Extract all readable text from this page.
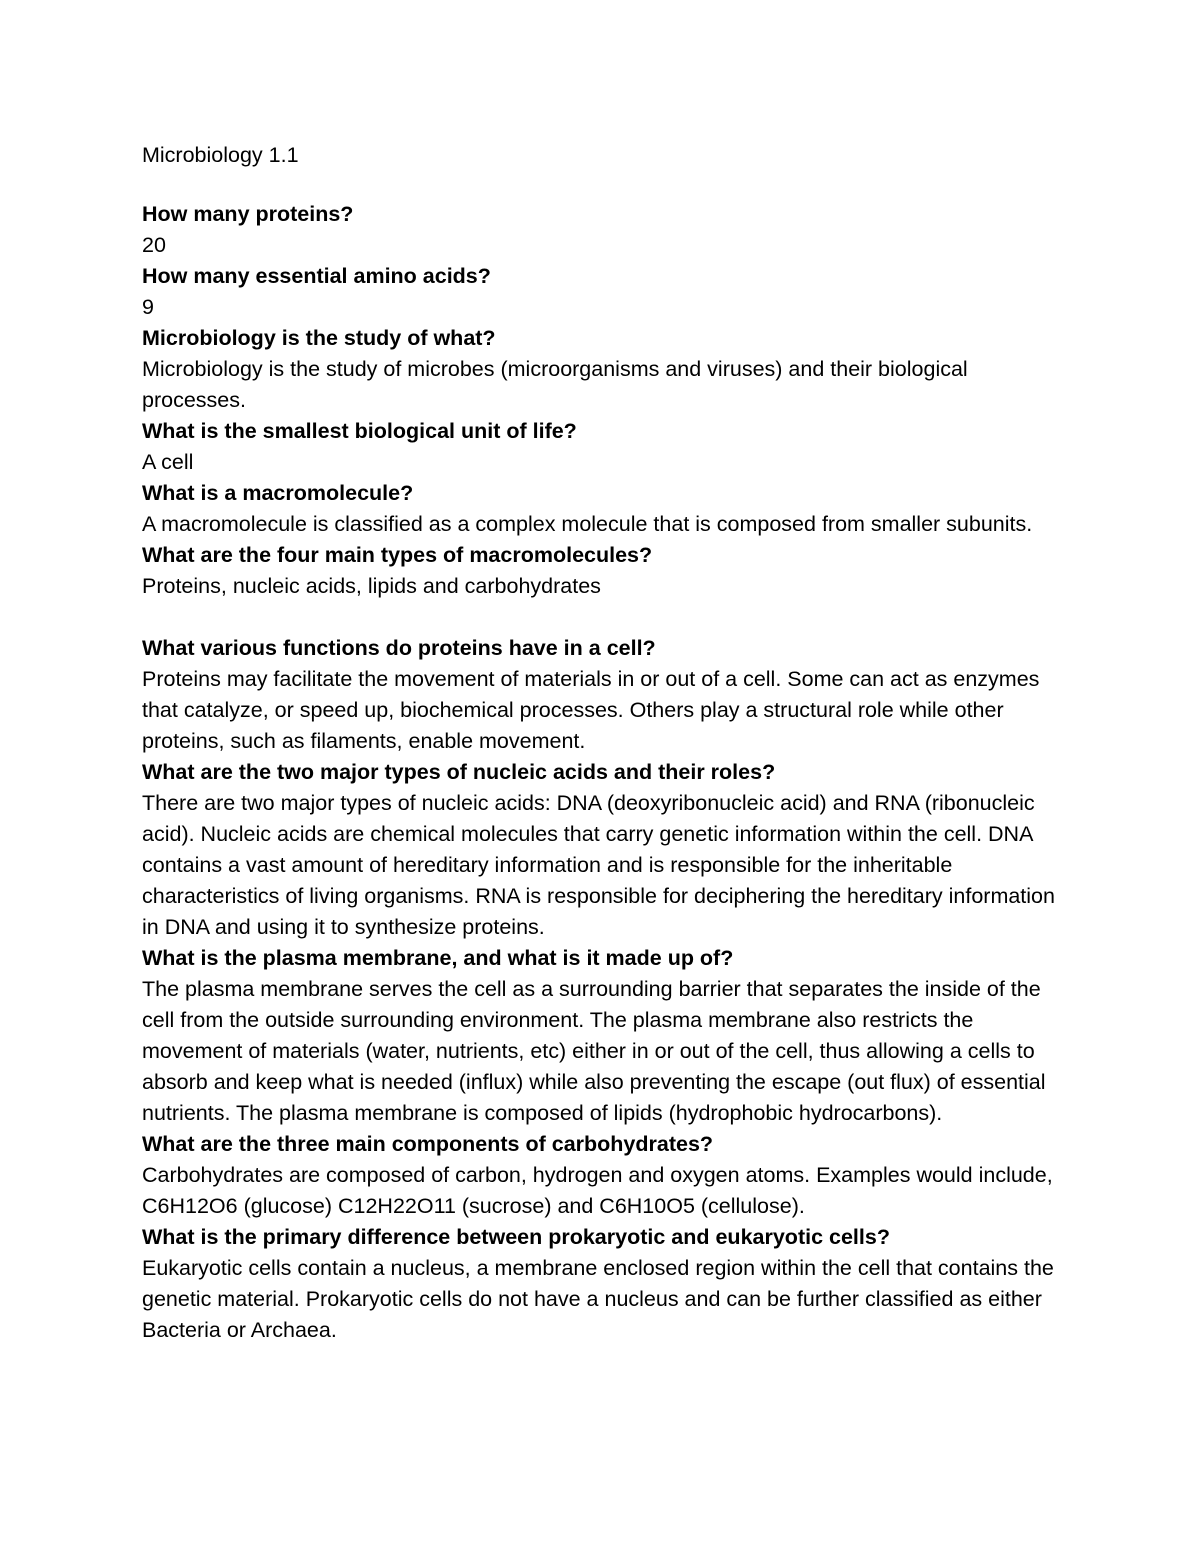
Microbiology 1.1

How many proteins?

20

How many essential amino acids?

9

Microbiology is the study of what?

Microbiology is the study of microbes (microorganisms and viruses) and their biological processes.

What is the smallest biological unit of life?

A cell

What is a macromolecule?

A macromolecule is classified as a complex molecule that is composed from smaller subunits.

What are the four main types of macromolecules?

Proteins, nucleic acids, lipids and carbohydrates

What various functions do proteins have in a cell?

Proteins may facilitate the movement of materials in or out of a cell. Some can act as enzymes that catalyze, or speed up, biochemical processes. Others play a structural role while other proteins, such as filaments, enable movement.

What are the two major types of nucleic acids and their roles?

There are two major types of nucleic acids: DNA (deoxyribonucleic acid) and RNA (ribonucleic acid). Nucleic acids are chemical molecules that carry genetic information within the cell. DNA contains a vast amount of hereditary information and is responsible for the inheritable characteristics of living organisms. RNA is responsible for deciphering the hereditary information in DNA and using it to synthesize proteins.

What is the plasma membrane, and what is it made up of?

The plasma membrane serves the cell as a surrounding barrier that separates the inside of the cell from the outside surrounding environment. The plasma membrane also restricts the movement of materials (water, nutrients, etc) either in or out of the cell, thus allowing a cells to absorb and keep what is needed (influx) while also preventing the escape (out flux) of essential nutrients. The plasma membrane is composed of lipids (hydrophobic hydrocarbons).

What are the three main components of carbohydrates?

Carbohydrates are composed of carbon, hydrogen and oxygen atoms. Examples would include, C6H12O6 (glucose) C12H22O11 (sucrose) and C6H10O5 (cellulose).

What is the primary difference between prokaryotic and eukaryotic cells?

Eukaryotic cells contain a nucleus, a membrane enclosed region within the cell that contains the genetic material. Prokaryotic cells do not have a nucleus and can be further classified as either Bacteria or Archaea.
